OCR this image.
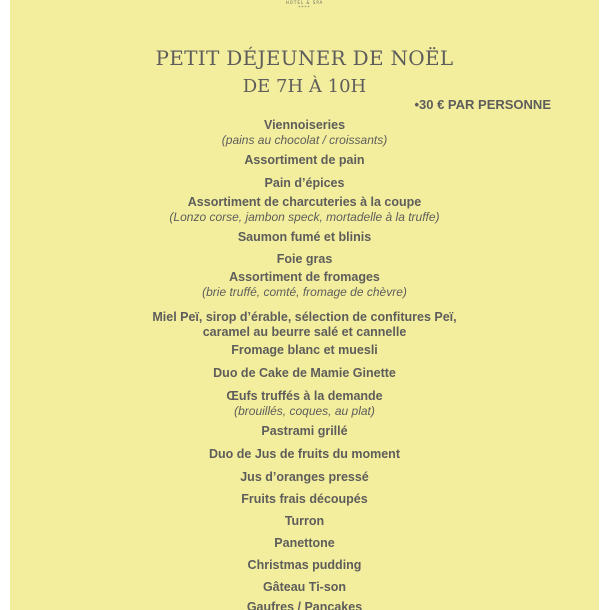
HOTEL & SPA
****
PETIT DÉJEUNER DE NOËL
DE 7H À 10H
•30 € PAR PERSONNE
Viennoiseries
(pains au chocolat / croissants)
Assortiment de pain
Pain d’épices
Assortiment de charcuteries à la coupe
(Lonzo corse, jambon speck, mortadelle à la truffe)
Saumon fumé et blinis
Foie gras
Assortiment de fromages
(brie truffé, comté, fromage de chèvre)
Miel Peï, sirop d’érable, sélection de confitures Peï,
caramel au beurre salé et cannelle
Fromage blanc et muesli
Duo de Cake de Mamie Ginette
Œufs truffés à la demande
(brouillés, coques, au plat)
Pastrami grillé
Duo de Jus de fruits du moment
Jus d’oranges pressé
Fruits frais découpés
Turron
Panettone
Christmas pudding
Gâteau Ti-son
Gaufres / Pancakes
